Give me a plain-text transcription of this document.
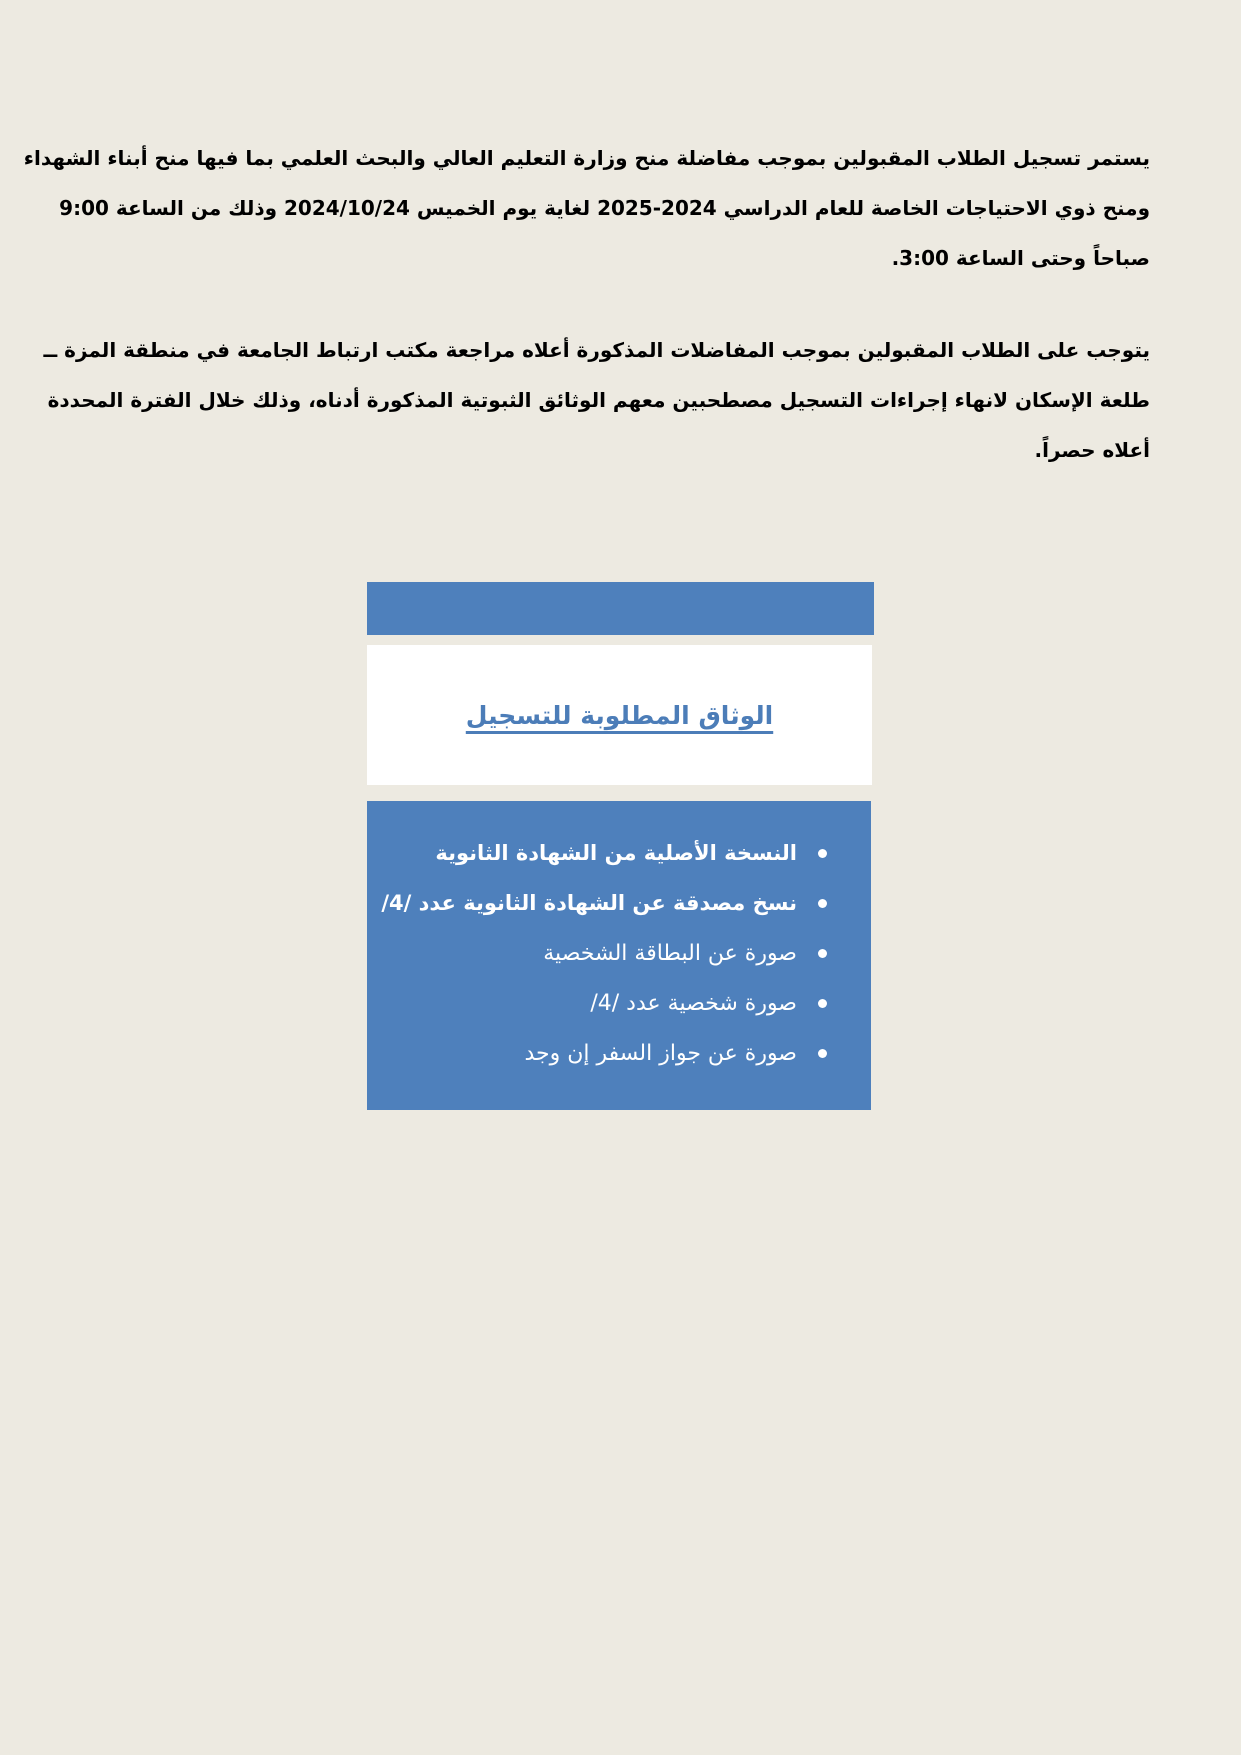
يستمر تسجيل الطلاب المقبولين بموجب مفاضلة منح وزارة التعليم العالي والبحث العلمي بما فيها منح أبناء الشهداء
ومنح ذوي الاحتياجات الخاصة للعام الدراسي 2024‏-‏2025 لغاية يوم الخميس 2024/10/24 وذلك من الساعة 9:00
صباحاً وحتى الساعة 3:00.
يتوجب على الطلاب المقبولين بموجب المفاضلات المذكورة أعلاه مراجعة مكتب ارتباط الجامعة في منطقة المزة ــ
طلعة الإسكان لانهاء إجراءات التسجيل مصطحبين معهم الوثائق الثبوتية المذكورة أدناه، وذلك خلال الفترة المحددة
أعلاه حصراً.
الوثاق المطلوبة للتسجيل
النسخة الأصلية من الشهادة الثانوية
نسخ مصدقة عن الشهادة الثانوية عدد /4/
صورة عن البطاقة الشخصية
صورة شخصية عدد /4/
صورة عن جواز السفر إن وجد
